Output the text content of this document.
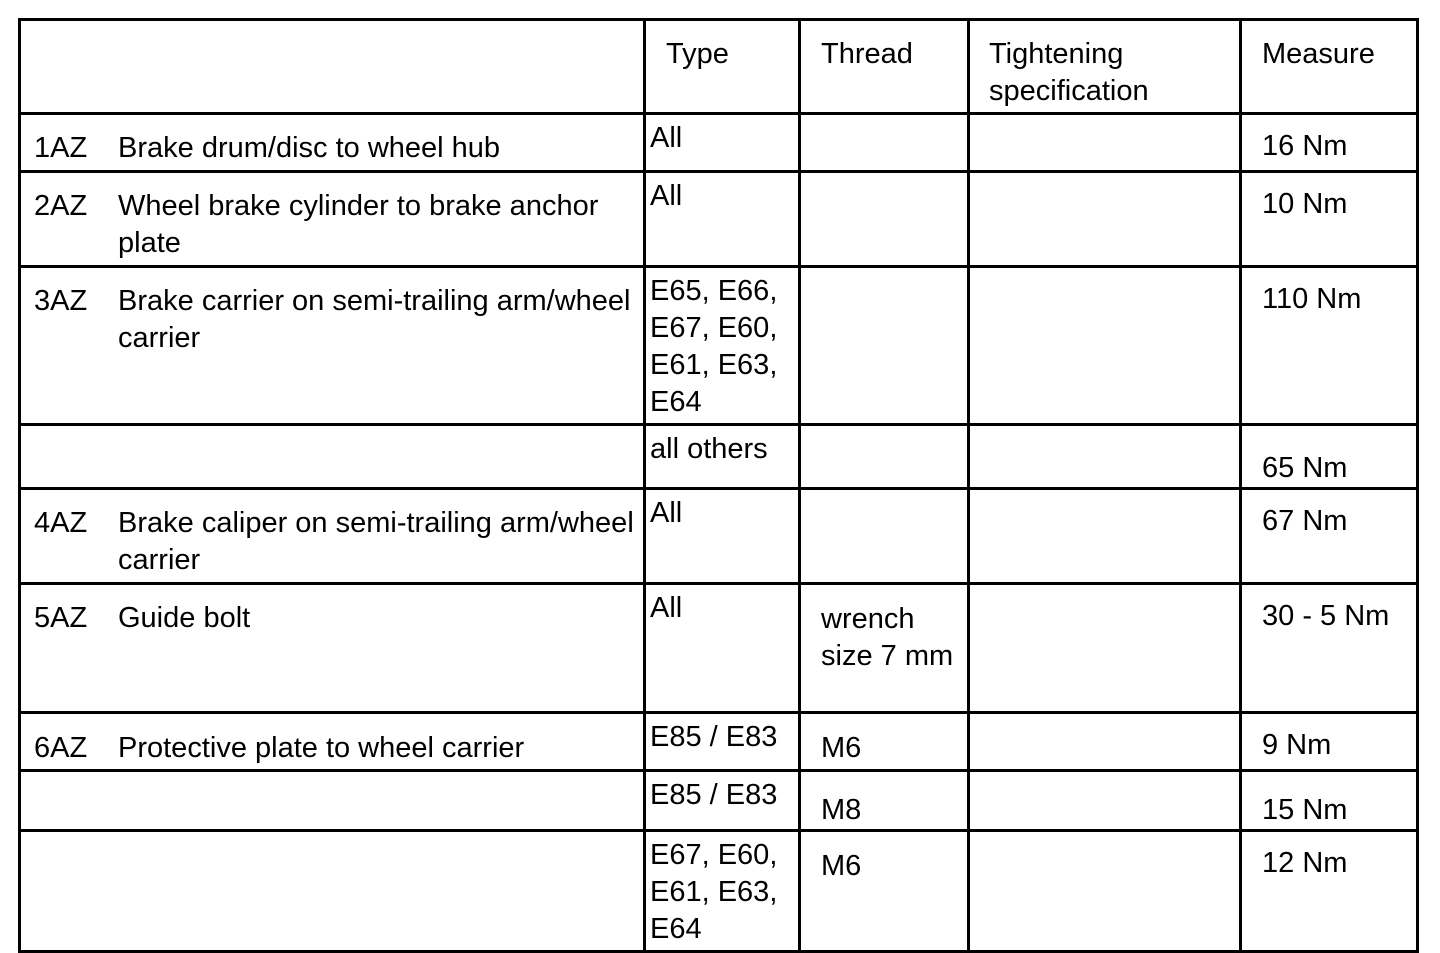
	Type	Thread	Tightening specification	Measure

1AZ Brake drum/disc to wheel hub	All			16 Nm

2AZ Wheel brake cylinder to brake anchor plate	All			10 Nm

3AZ Brake carrier on semi-trailing arm/wheel carrier	E65, E66, E67, E60, E61, E63, E64			110 Nm

	all others			65 Nm

4AZ Brake caliper on semi-trailing arm/wheel carrier	All			67 Nm

5AZ Guide bolt	All	wrench size 7 mm		30 - 5 Nm

6AZ Protective plate to wheel carrier	E85 / E83	M6		9 Nm

	E85 / E83	M8		15 Nm

	E67, E60, E61, E63, E64	M6		12 Nm
